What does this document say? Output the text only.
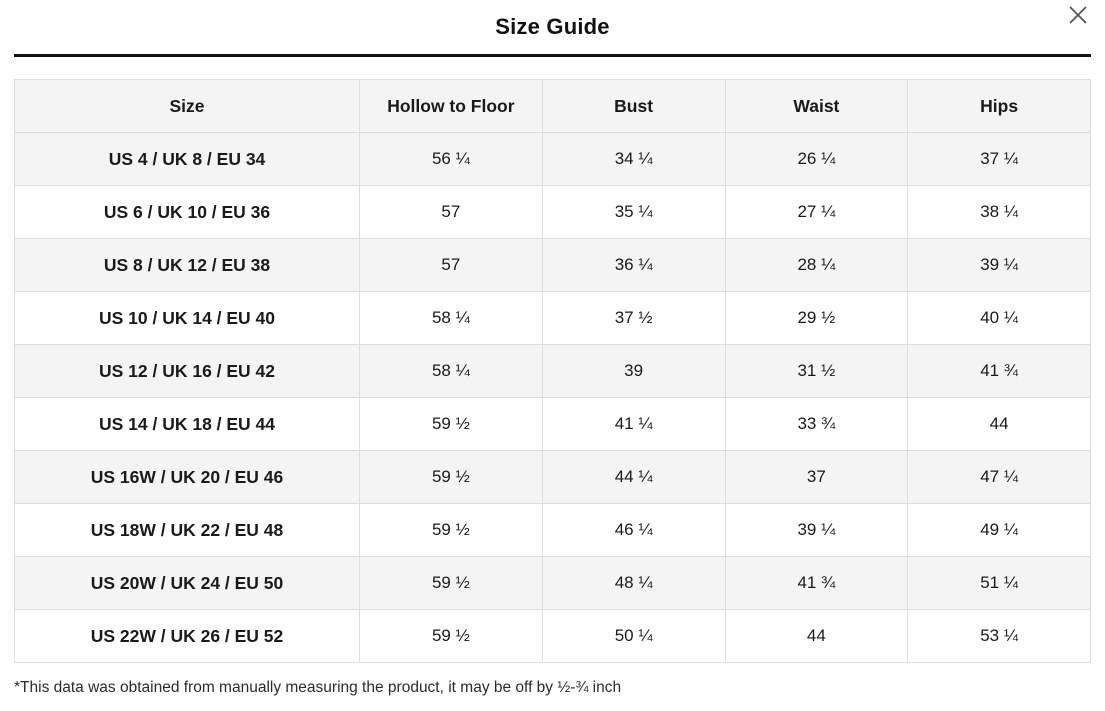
Size Guide
Size	Hollow to Floor	Bust	Waist	Hips
US 4 / UK 8 / EU 34	56 ¼	34 ¼	26 ¼	37 ¼
US 6 / UK 10 / EU 36	57	35 ¼	27 ¼	38 ¼
US 8 / UK 12 / EU 38	57	36 ¼	28 ¼	39 ¼
US 10 / UK 14 / EU 40	58 ¼	37 ½	29 ½	40 ¼
US 12 / UK 16 / EU 42	58 ¼	39	31 ½	41 ¾
US 14 / UK 18 / EU 44	59 ½	41 ¼	33 ¾	44
US 16W / UK 20 / EU 46	59 ½	44 ¼	37	47 ¼
US 18W / UK 22 / EU 48	59 ½	46 ¼	39 ¼	49 ¼
US 20W / UK 24 / EU 50	59 ½	48 ¼	41 ¾	51 ¼
US 22W / UK 26 / EU 52	59 ½	50 ¼	44	53 ¼
*This data was obtained from manually measuring the product, it may be off by ½-¾ inch
